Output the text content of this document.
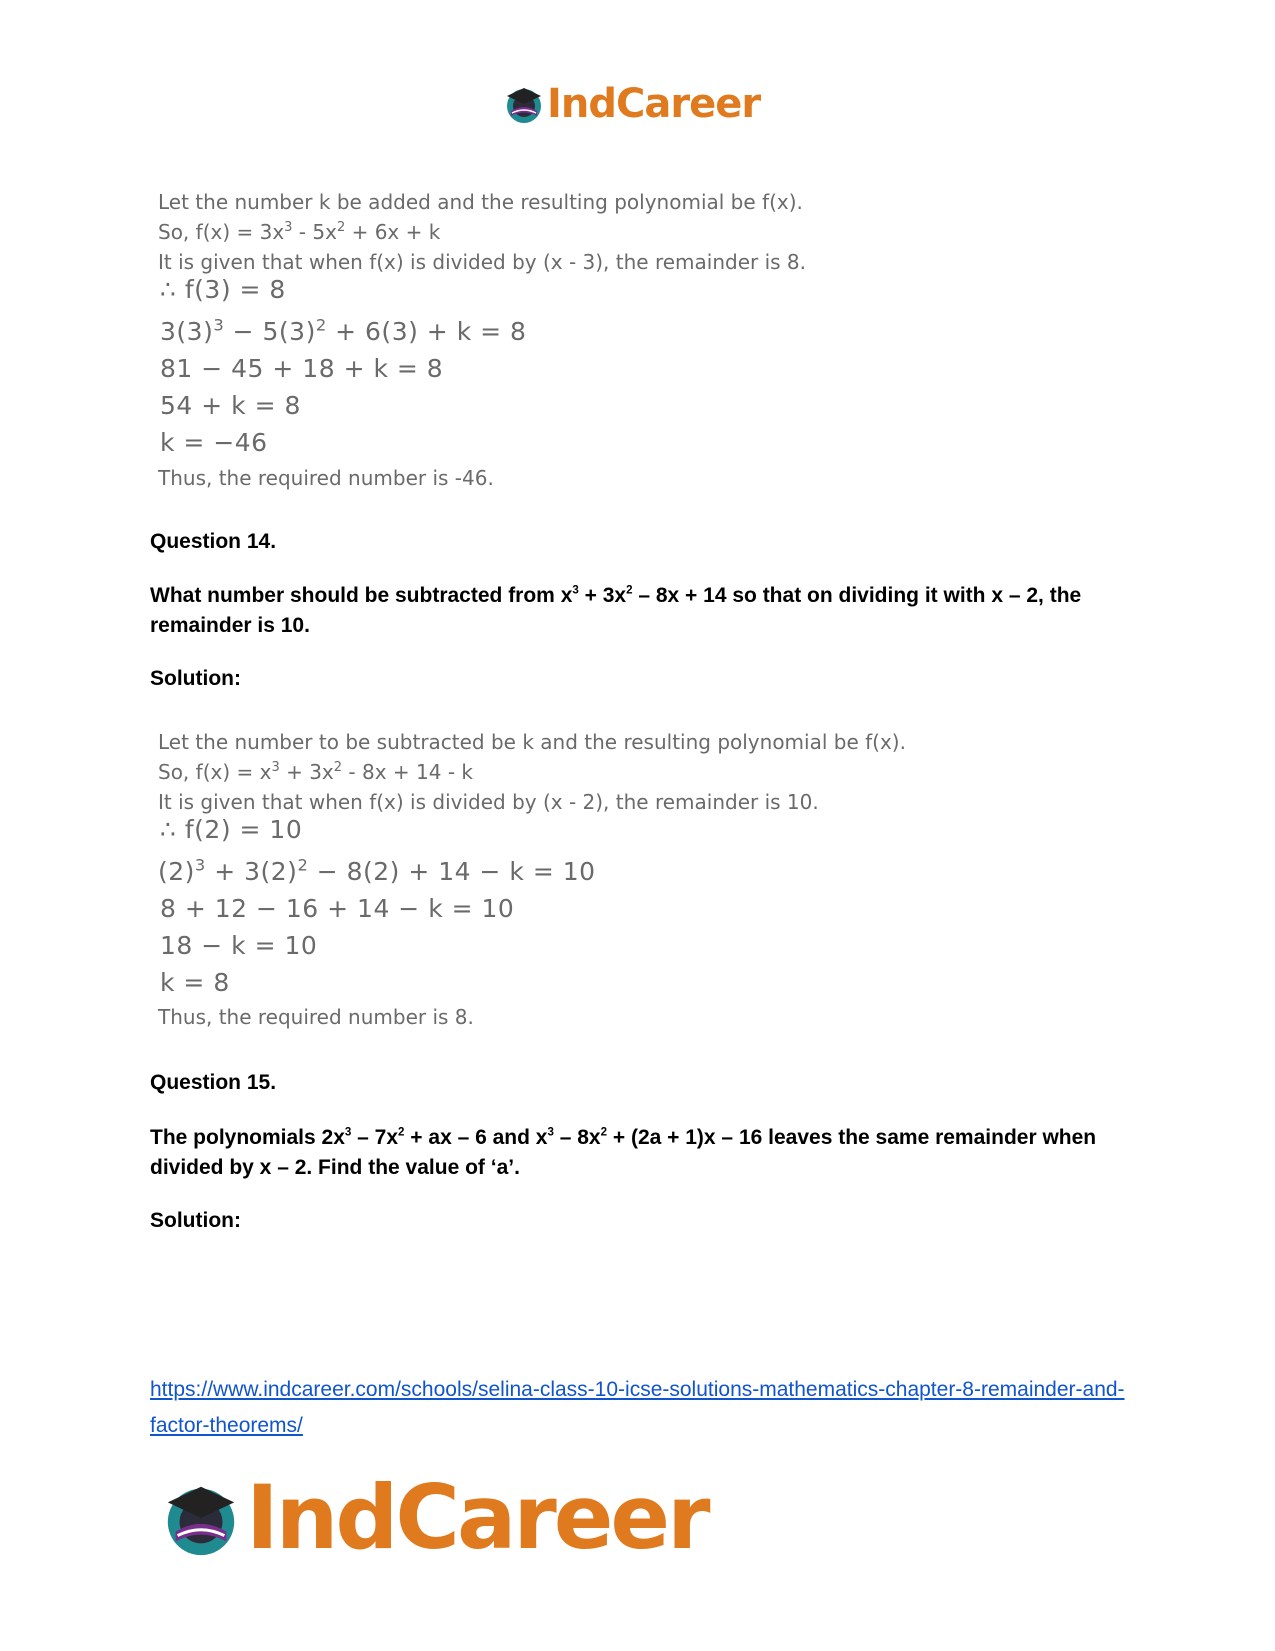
IndCareer
Let the number k be added and the resulting polynomial be f(x).
So, $f(x) = 3x^3 - 5x^2 + 6x + k$
It is given that when f(x) is divided by (x - 3), the remainder is 8.
∴ f(3) = 8
$3(3)^3 - 5(3)^2 + 6(3) + k = 8$
81 − 45 + 18 + k = 8
54 + k = 8
k = −46
Thus, the required number is -46.
Question 14.
What number should be subtracted from $x^3 + 3x^2 - 8x + 14$ so that on dividing it with x – 2, the remainder is 10.
Solution:
Let the number to be subtracted be k and the resulting polynomial be f(x).
So, $f(x) = x^3 + 3x^2 - 8x + 14 - k$
It is given that when f(x) is divided by (x - 2), the remainder is 10.
∴ f(2) = 10
$(2)^3 + 3(2)^2 - 8(2) + 14 - k = 10$
8 + 12 − 16 + 14 − k = 10
18 − k = 10
k = 8
Thus, the required number is 8.
Question 15.
The polynomials $2x^3 - 7x^2$ + ax – 6 and $x^3 - 8x^2 + (2a + 1)x - 16$ leaves the same remainder when divided by x – 2. Find the value of ‘a’.
Solution:
https://www.indcareer.com/schools/selina-class-10-icse-solutions-mathematics-chapter-8-remainder-and-factor-theorems/
IndCareer
